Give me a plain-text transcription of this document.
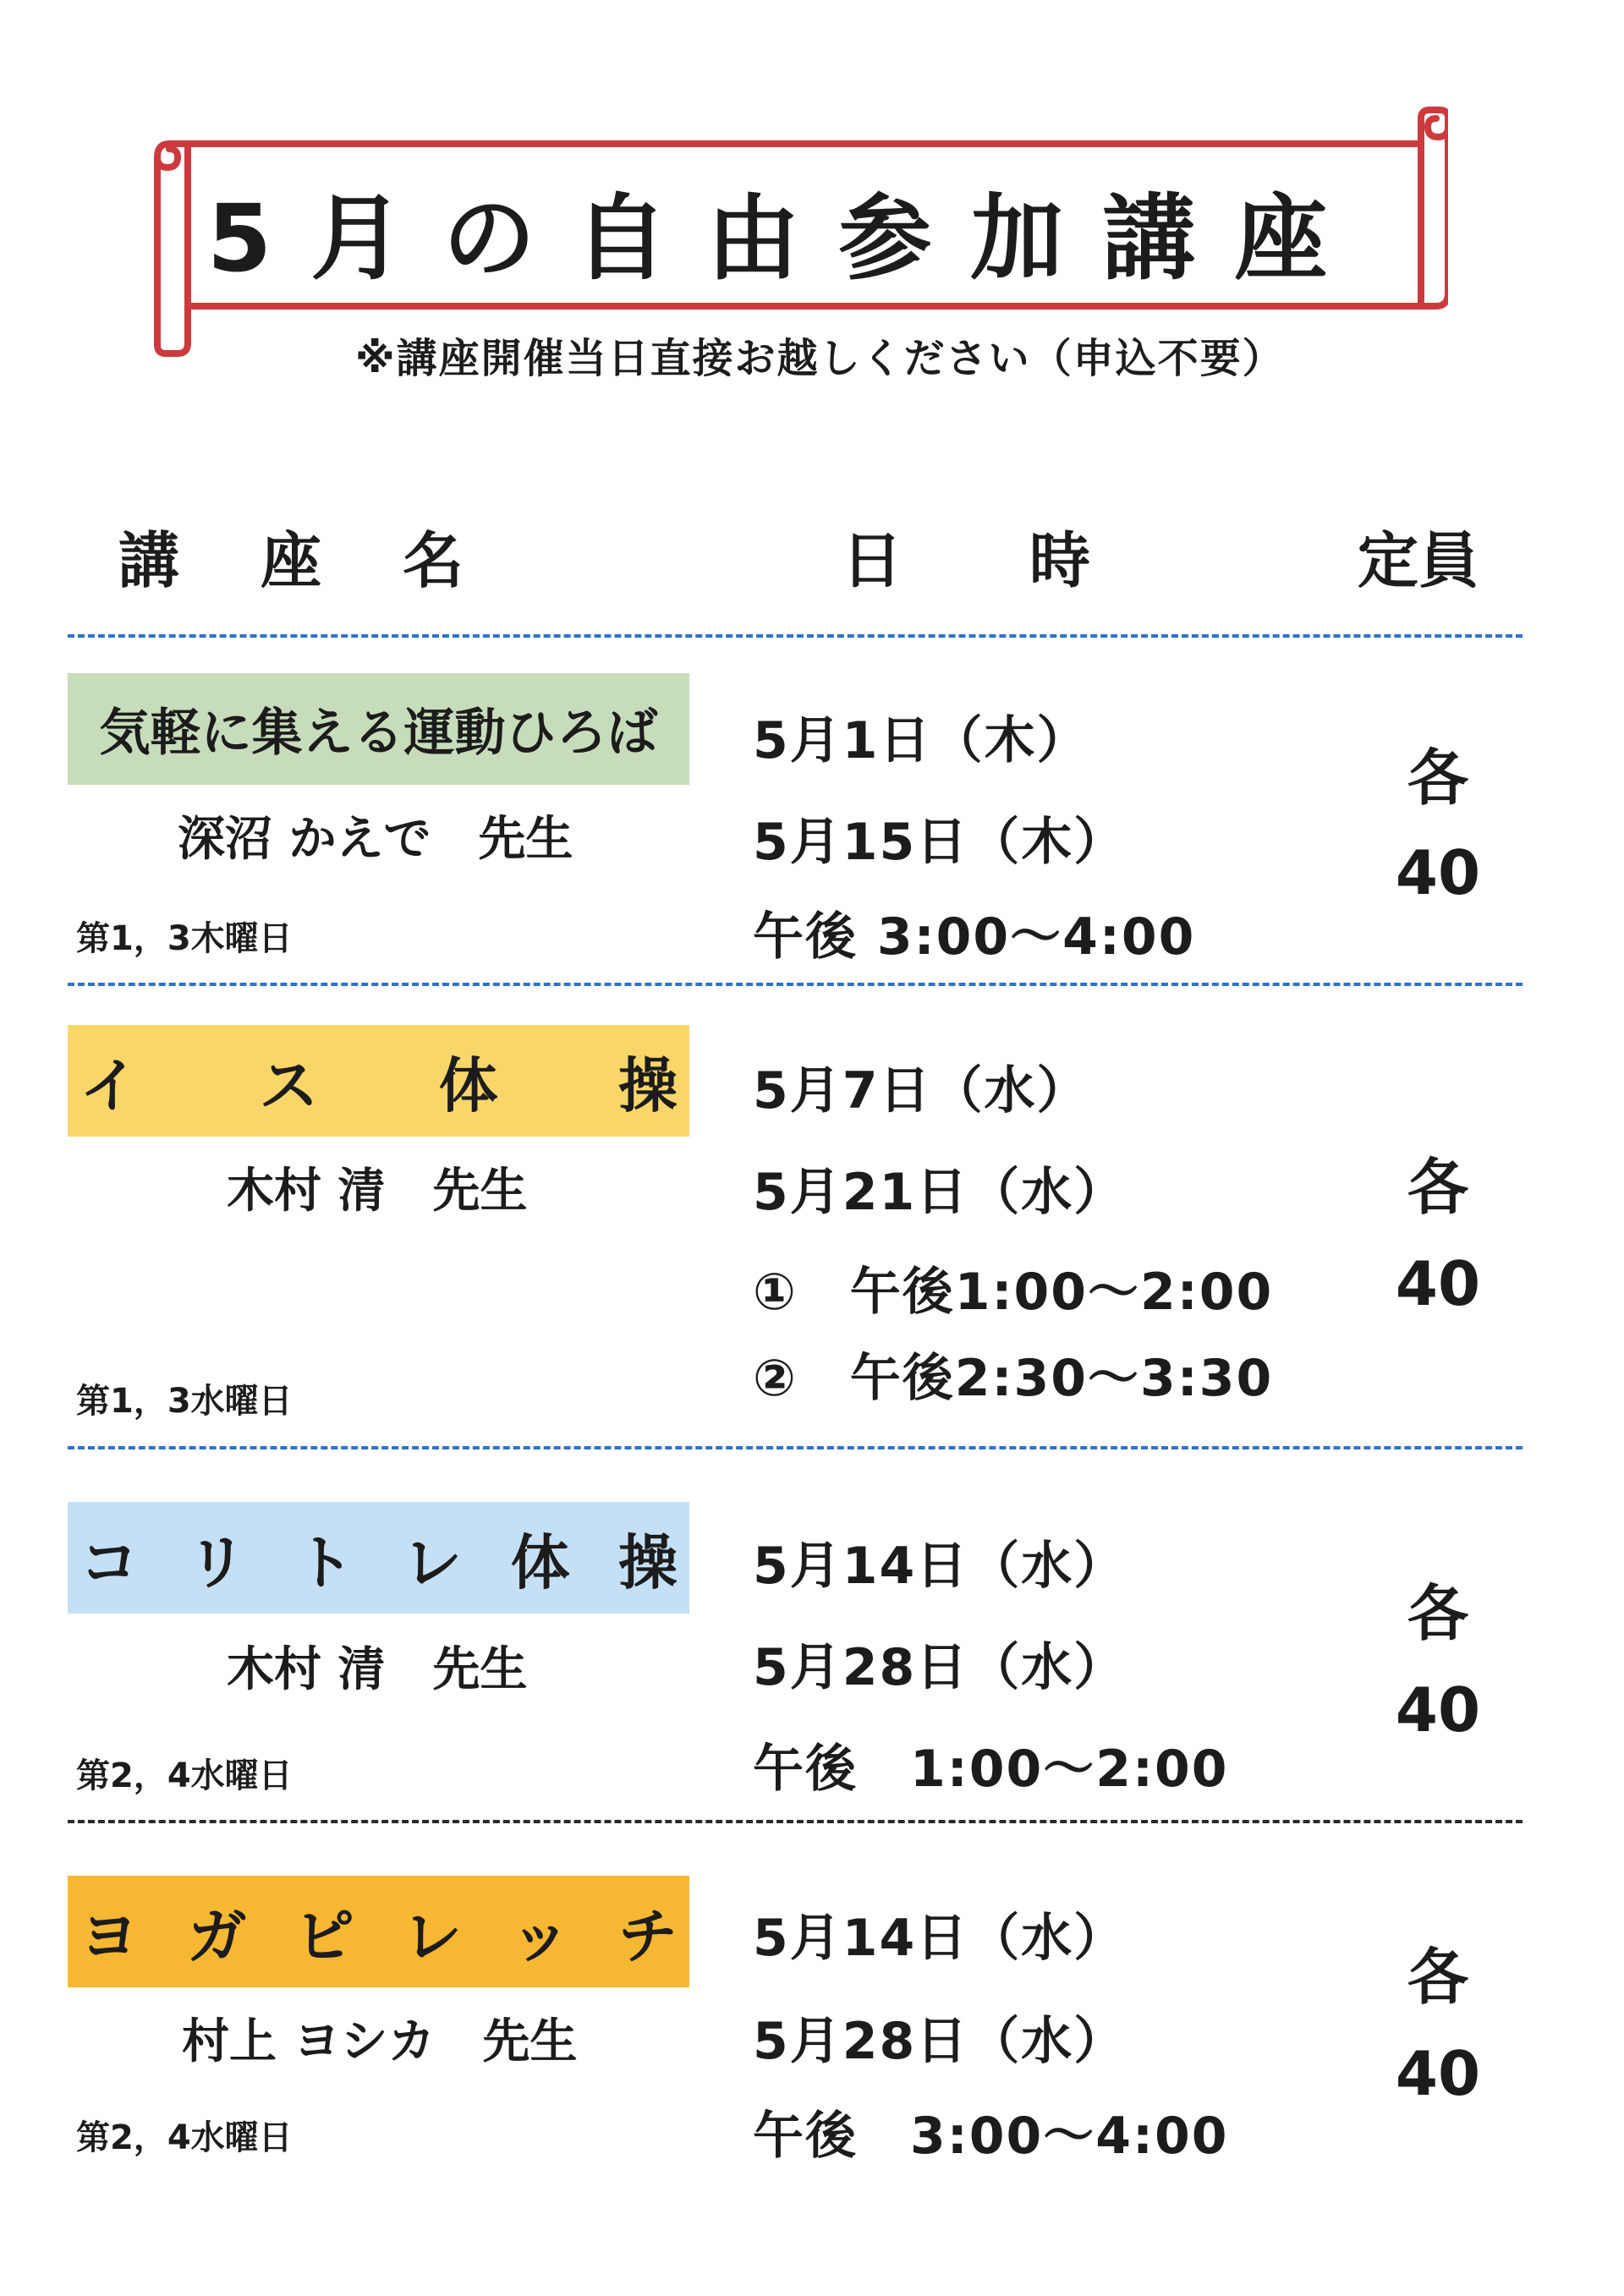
5月 の 自 由 参 加 講 座
※講座開催当日直接お越しください（申込不要）
講 座 名	日 時	定員
気軽に集える運動ひろば
深沼 かえで　先生
第1，3木曜日
5月1日（木）
5月15日（木）
午後 3:00〜4:00
各
40
イ ス 体 操
木村 清　先生
第1，3水曜日
5月7日（水）
5月21日（水）
①　午後1:00〜2:00
②　午後2:30〜3:30
各
40
コ リ ト レ 体 操
木村 清　先生
第2，4水曜日
5月14日（水）
5月28日（水）
午後　1:00〜2:00
各
40
ヨ ガ ピ レ ッ チ
村上 ヨシカ　先生
第2，4水曜日
5月14日（水）
5月28日（水）
午後　3:00〜4:00
各
40
